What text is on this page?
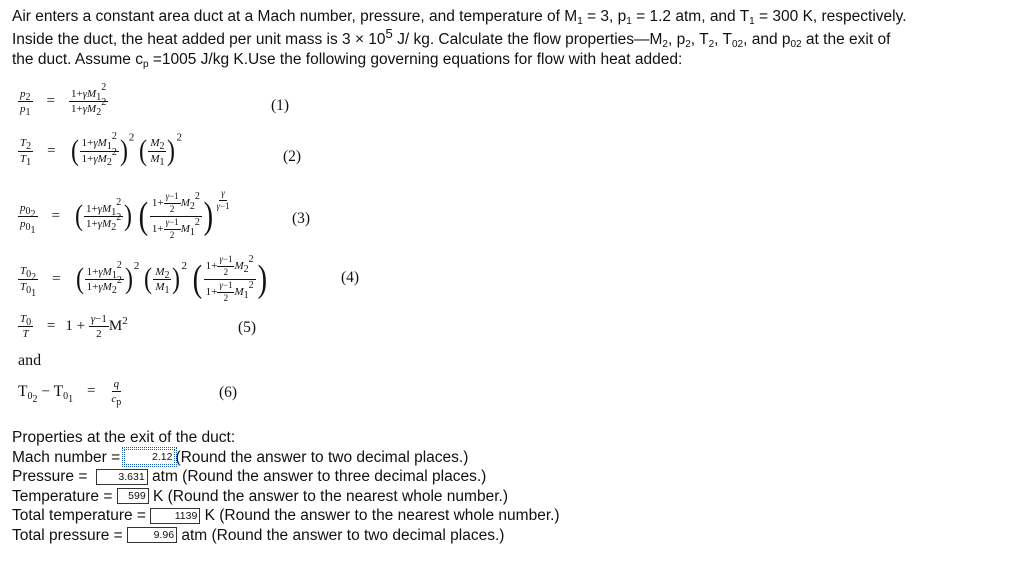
Air enters a constant area duct at a Mach number, pressure, and temperature of $M_1 = 3$, $p_1 = 1.2$ atm, and $T_1 = 300$ K, respectively.

Inside the duct, the heat added per unit mass is $3 \times 10^5$ J/ kg. Calculate the flow $properties—M_2$, $p_2$, $T_2$, $T_{02}$, and $p_{02}$ at the exit of

the duct. Assume $c_p =1005$ J/kg K.Use the following governing equations for flow with heat added:

$\frac{p_2}{p_1} = \frac{1+\gamma M_1^2}{1+\gamma M_2^2}$	(1)
$\frac{T_2}{T_1}$ = ( $\frac{1+\gamma M_1^2}{1+\gamma M_2^2} )^2$ ( $\frac{M_2}{M_1} )^2$
(2)
$\frac{p_{0_2}}{p_{0_1}}$ = ( $\frac{1+\gamma M_1^2}{1+\gamma M_2^2}$ ) ( $\frac{1+ \frac{\gamma-1}{2} M_2^2}{1+ \frac{\gamma-1}{2} M_1^2}$ ) $\frac{\gamma}{\gamma-1}$
(3)
$\frac{T_{0_2}}{T_{0_1}}$ = ( $\frac{1+\gamma M_1^2}{1+\gamma M_2^2} )^2$ ( $\frac{M_2}{M_1} )^2$ ( $\frac{1+ \frac{\gamma-1}{2} M_2^2}{1+ \frac{\gamma-1}{2} M_1^2}$ )	(4)
$\frac{T_0}{T} = 1 + \frac{\gamma-1}{2} M^2$	(5)
and
$T_{0_2} - T_{0_1} = \frac{q}{c_p}$	(6)
Properties at the exit of the duct:
Mach number =	2.12 (Round the answer to two decimal places.)
Pressure =	3.631 atm (Round the answer to three decimal places.)
Temperature = 599 K (Round the answer to the nearest whole number.)
Total temperature =	1139 K (Round the answer to the nearest whole number.)
Total pressure =	9.96 atm (Round the answer to two decimal places.)
